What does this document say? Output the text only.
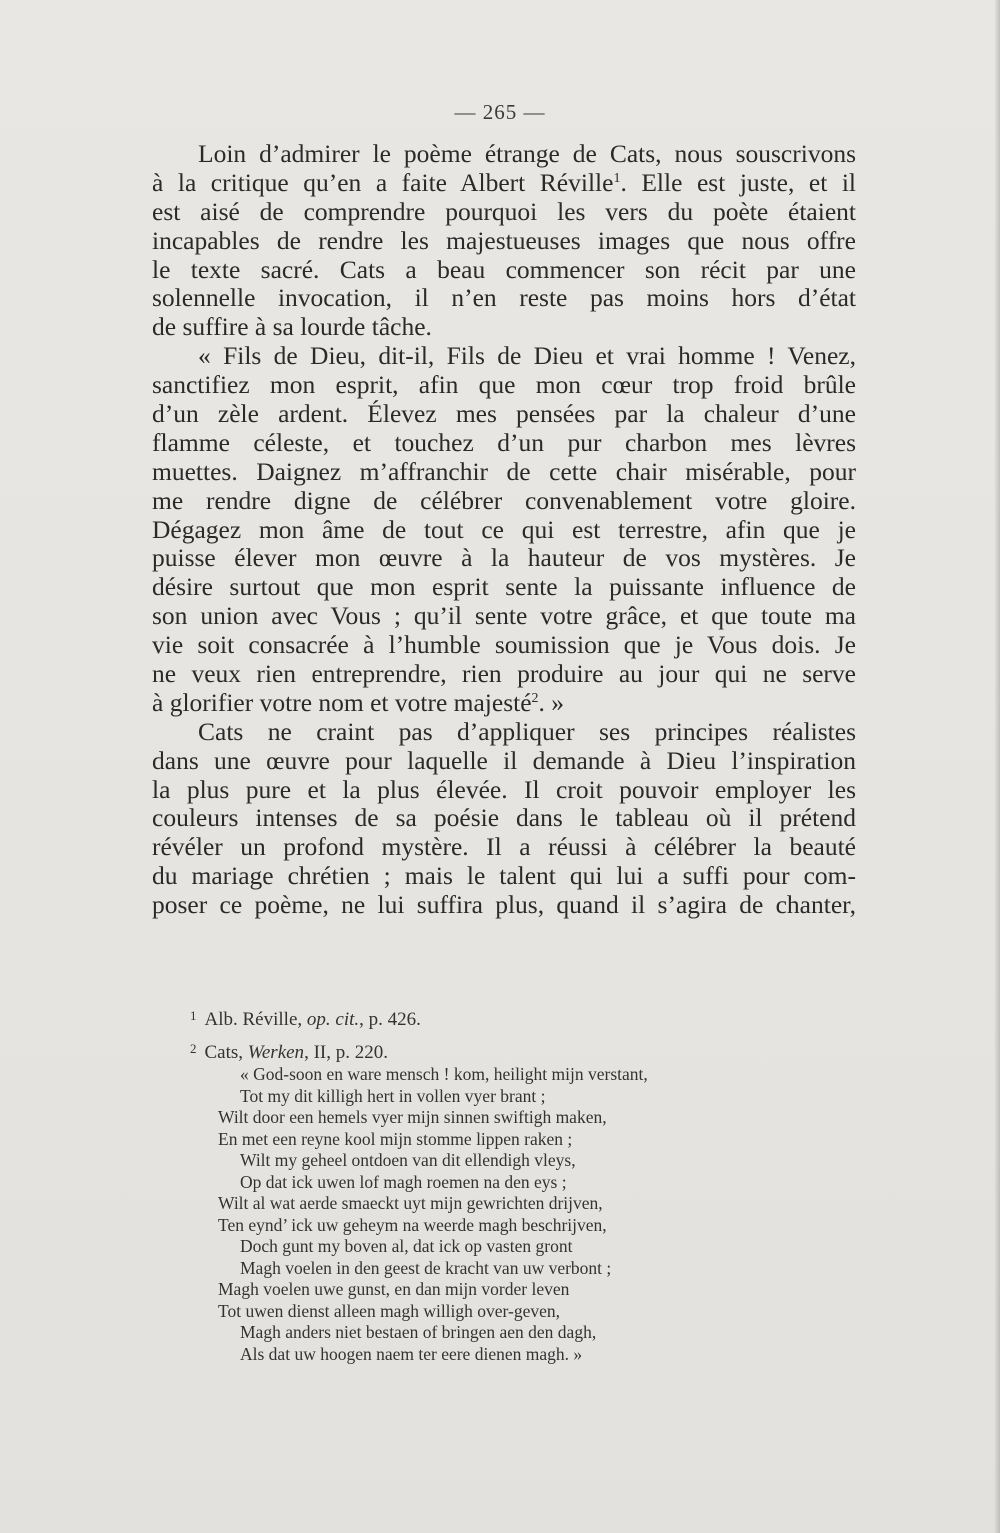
— 265 —
Loin d’admirer le poème étrange de Cats, nous souscrivons
à la critique qu’en a faite Albert Réville$^1$. Elle est juste, et il
est aisé de comprendre pourquoi les vers du poète étaient
incapables de rendre les majestueuses images que nous offre
le texte sacré. Cats a beau commencer son récit par une
solennelle invocation, il n’en reste pas moins hors d’état
de suffire à sa lourde tâche.
« Fils de Dieu, dit-il, Fils de Dieu et vrai homme ! Venez,
sanctifiez mon esprit, afin que mon cœur trop froid brûle
d’un zèle ardent. Élevez mes pensées par la chaleur d’une
flamme céleste, et touchez d’un pur charbon mes lèvres
muettes. Daignez m’affranchir de cette chair misérable, pour
me rendre digne de célébrer convenablement votre gloire.
Dégagez mon âme de tout ce qui est terrestre, afin que je
puisse élever mon œuvre à la hauteur de vos mystères. Je
désire surtout que mon esprit sente la puissante influence de
son union avec Vous ; qu’il sente votre grâce, et que toute ma
vie soit consacrée à l’humble soumission que je Vous dois. Je
ne veux rien entreprendre, rien produire au jour qui ne serve
à glorifier votre nom et votre majesté$^2$. »
Cats ne craint pas d’appliquer ses principes réalistes
dans une œuvre pour laquelle il demande à Dieu l’inspiration
la plus pure et la plus élevée. Il croit pouvoir employer les
couleurs intenses de sa poésie dans le tableau où il prétend
révéler un profond mystère. Il a réussi à célébrer la beauté
du mariage chrétien ; mais le talent qui lui a suffi pour com-
poser ce poème, ne lui suffira plus, quand il s’agira de chanter,
$^1$ Alb. Réville, op. cit., p. 426.
$^2$ Cats, Werken, II, p. 220.
« God-soon en ware mensch ! kom, heilight mijn verstant,
Tot my dit killigh hert in vollen vyer brant ;
Wilt door een hemels vyer mijn sinnen swiftigh maken,
En met een reyne kool mijn stomme lippen raken ;
Wilt my geheel ontdoen van dit ellendigh vleys,
Op dat ick uwen lof magh roemen na den eys ;
Wilt al wat aerde smaeckt uyt mijn gewrichten drijven,
Ten eynd’ ick uw geheym na weerde magh beschrijven,
Doch gunt my boven al, dat ick op vasten gront
Magh voelen in den geest de kracht van uw verbont ;
Magh voelen uwe gunst, en dan mijn vorder leven
Tot uwen dienst alleen magh willigh over-geven,
Magh anders niet bestaen of bringen aen den dagh,
Als dat uw hoogen naem ter eere dienen magh. »
